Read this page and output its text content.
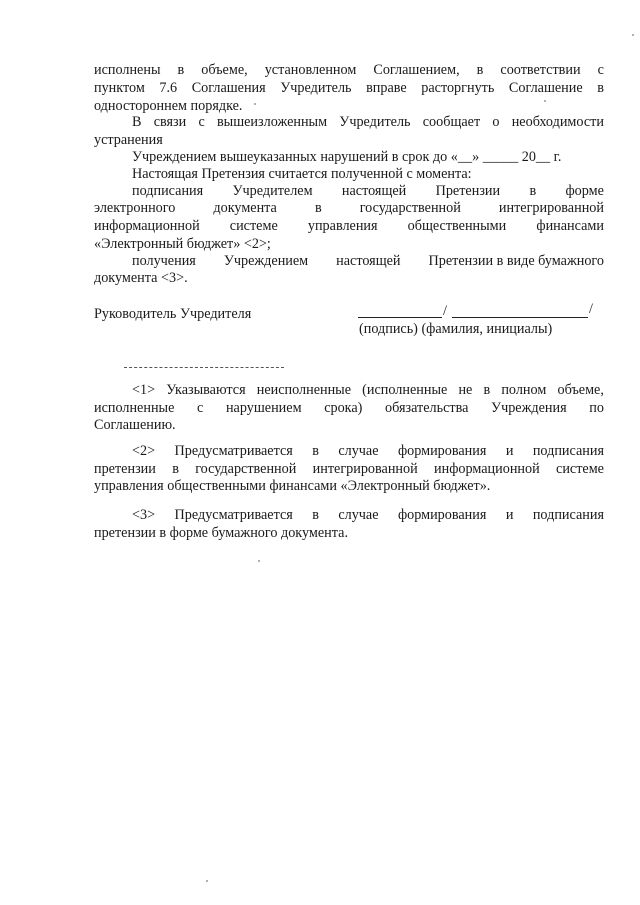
исполнены в объеме, установленном Соглашением, в соответствии с
пунктом 7.6 Соглашения Учредитель вправе расторгнуть Соглашение в
одностороннем порядке.
В связи с вышеизложенным Учредитель сообщает о необходимости
устранения
Учреждением вышеуказанных нарушений в срок до «__» _____ 20__ г.
Настоящая Претензия считается полученной с момента:
подписания Учредителем настоящей Претензии в форме
электронного	документа	в	государственной	интегрированной
информационной системе управления общественными финансами
«Электронный бюджет» <2>;
получения Учреждением настоящей Претензии в виде бумажного
документа <3>.
Руководитель Учредителя	/	/
(подпись) (фамилия, инициалы)
<1> Указываются неисполненные (исполненные не в полном объеме,
исполненные с нарушением срока) обязательства Учреждения по
Соглашению.
<2> Предусматривается в случае формирования и подписания
претензии в государственной интегрированной информационной системе
управления общественными финансами «Электронный бюджет».
<3> Предусматривается в случае формирования и подписания
претензии в форме бумажного документа.
